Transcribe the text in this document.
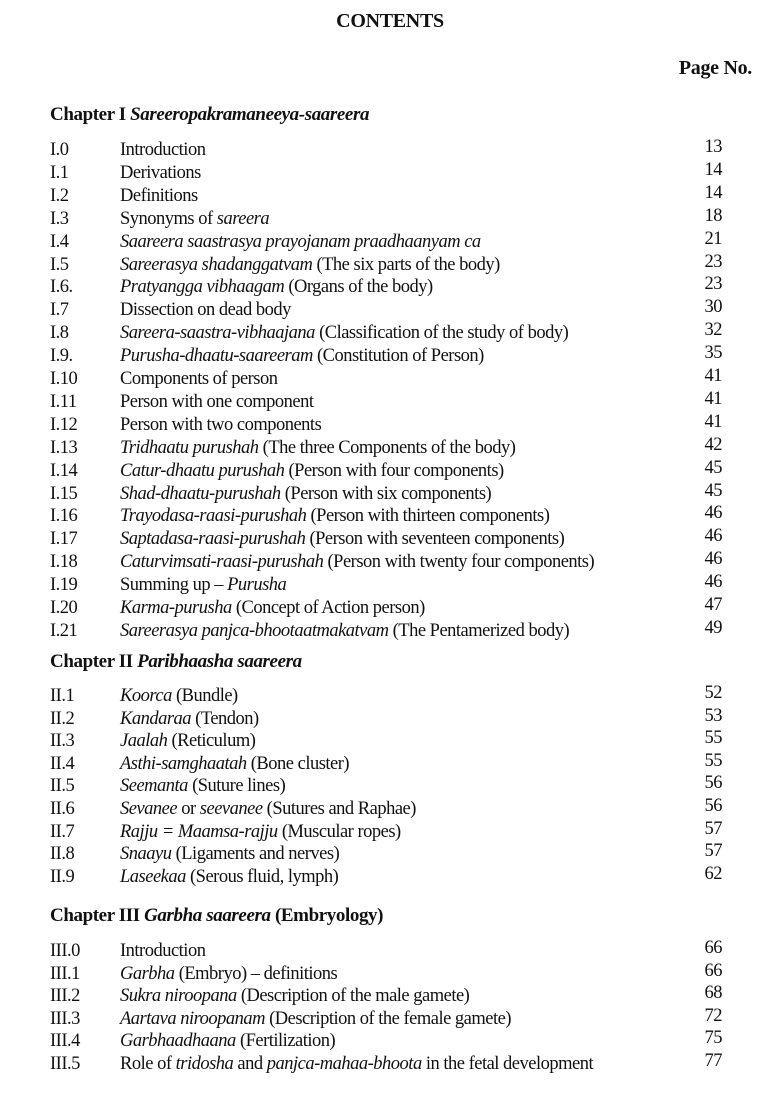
CONTENTS
Page No.
Chapter I Sareeropakramaneeya-saareera
I.0	Introduction	13
I.1	Derivations	14
I.2	Definitions	14
I.3	Synonyms of sareera	18
I.4	Saareera saastrasya prayojanam praadhaanyam ca	21
I.5	Sareerasya shadanggatvam (The six parts of the body)	23
I.6.	Pratyangga vibhaagam (Organs of the body)	23
I.7	Dissection on dead body	30
I.8	Sareera-saastra-vibhaajana (Classification of the study of body)	32
I.9.	Purusha-dhaatu-saareeram (Constitution of Person)	35
I.10 Components of person	41
I.11 Person with one component	41
I.12 Person with two components	41
I.13 Tridhaatu purushah (The three Components of the body)	42
I.14 Catur-dhaatu purushah (Person with four components)	45
I.15 Shad-dhaatu-purushah (Person with six components)	45
I.16 Trayodasa-raasi-purushah (Person with thirteen components)	46
I.17 Saptadasa-raasi-purushah (Person with seventeen components)	46
I.18 Caturvimsati-raasi-purushah (Person with twenty four components)	46
I.19 Summing up – Purusha	46
I.20 Karma-purusha (Concept of Action person)	47
I.21 Sareerasya panjca-bhootaatmakatvam (The Pentamerized body)	49
Chapter II Paribhaasha saareera
II.1 Koorca (Bundle)	52
II.2 Kandaraa (Tendon)	53
II.3 Jaalah (Reticulum)	55
II.4 Asthi-samghaatah (Bone cluster)	55
II.5 Seemanta (Suture lines)	56
II.6 Sevanee or seevanee (Sutures and Raphae)	56
II.7 Rajju = Maamsa-rajju (Muscular ropes)	57
II.8 Snaayu (Ligaments and nerves)	57
II.9 Laseekaa (Serous fluid, lymph)	62
Chapter III Garbha saareera (Embryology)
III.0 Introduction	66
III.1 Garbha (Embryo) – definitions	66
III.2 Sukra niroopana (Description of the male gamete)	68
III.3 Aartava niroopanam (Description of the female gamete)	72
III.4 Garbhaadhaana (Fertilization)	75
III.5 Role of tridosha and panjca-mahaa-bhoota in the fetal development	77
